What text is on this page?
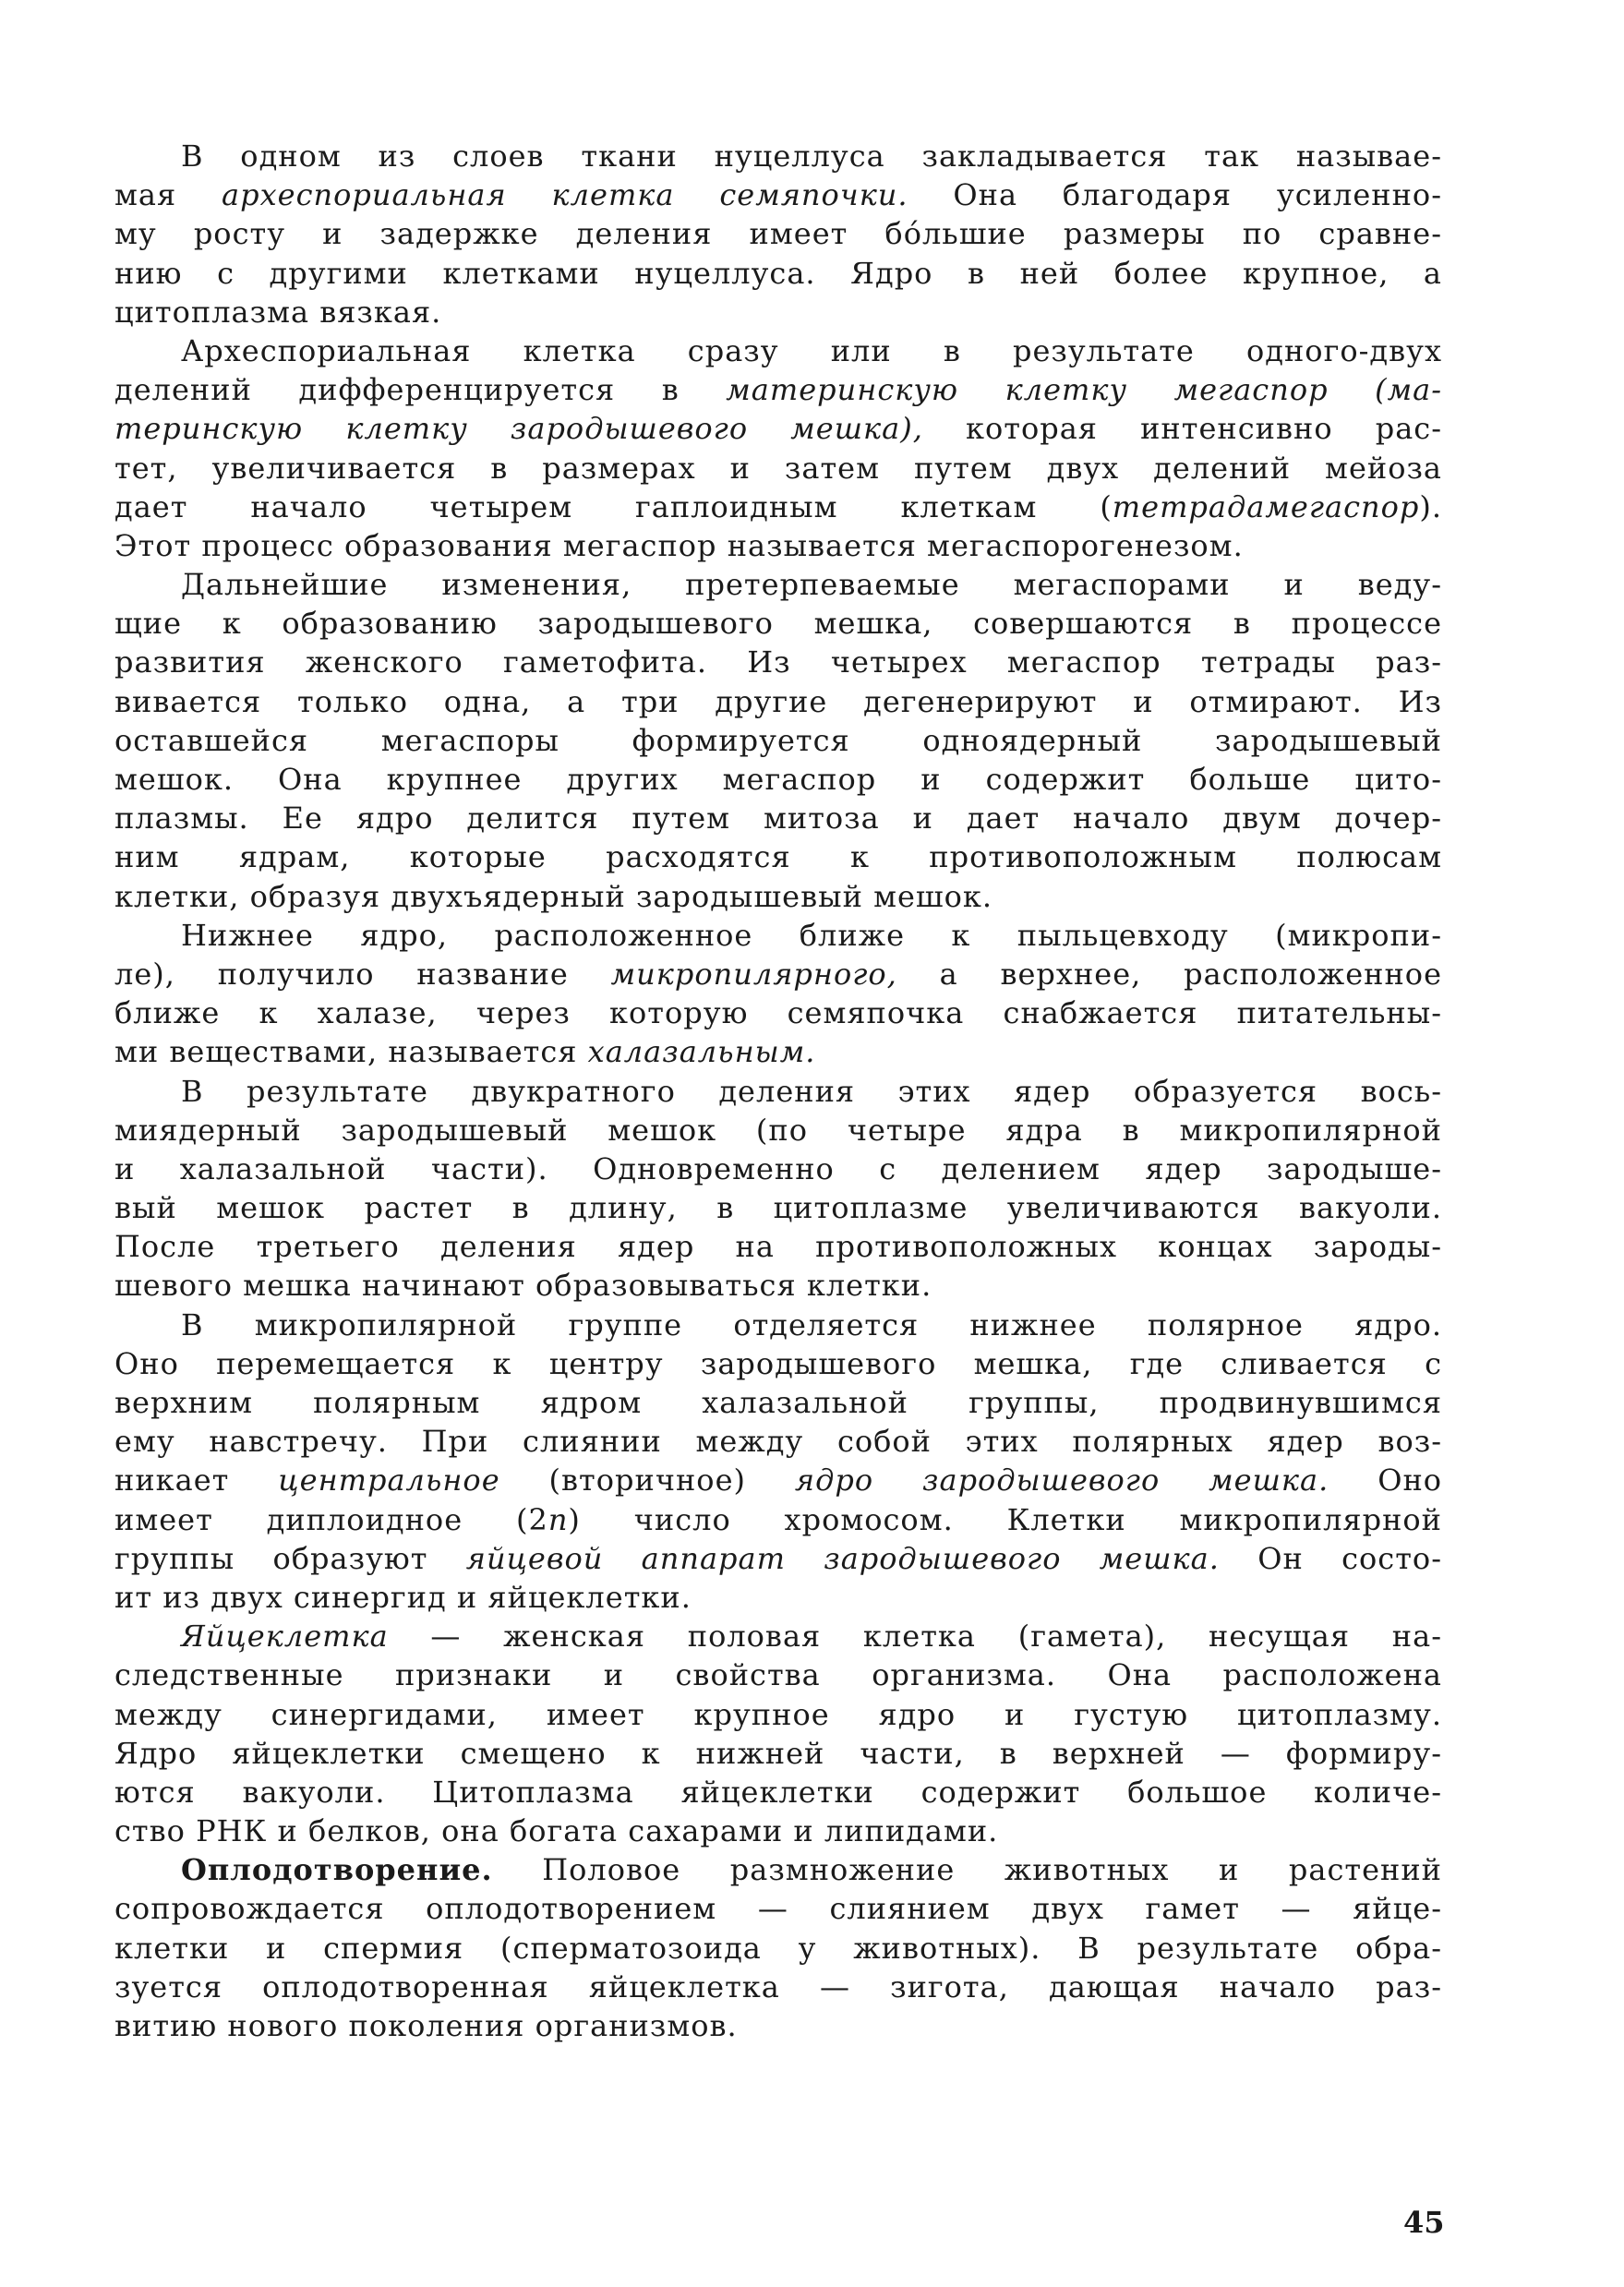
В одном из слоев ткани нуцеллуса закладывается так называе-
мая археспориальная клетка семяпочки. Она благодаря усиленно-
му росту и задержке деления имеет бóльшие размеры по сравне-
нию с другими клетками нуцеллуса. Ядро в ней более крупное, а
цитоплазма вязкая.
Археспориальная клетка сразу или в результате одного-двух
делений дифференцируется в материнскую клетку мегаспор (ма-
теринскую клетку зародышевого мешка), которая интенсивно рас-
тет, увеличивается в размерах и затем путем двух делений мейоза
дает начало четырем гаплоидным клеткам (тетрадамегаспор).
Этот процесс образования мегаспор называется мегаспорогенезом.
Дальнейшие изменения, претерпеваемые мегаспорами и веду-
щие к образованию зародышевого мешка, совершаются в процессе
развития женского гаметофита. Из четырех мегаспор тетрады раз-
вивается только одна, а три другие дегенерируют и отмирают. Из
оставшейся мегаспоры формируется одноядерный зародышевый
мешок. Она крупнее других мегаспор и содержит больше цито-
плазмы. Ее ядро делится путем митоза и дает начало двум дочер-
ним ядрам, которые расходятся к противоположным полюсам
клетки, образуя двухъядерный зародышевый мешок.
Нижнее ядро, расположенное ближе к пыльцевходу (микропи-
ле), получило название микропилярного, а верхнее, расположенное
ближе к халазе, через которую семяпочка снабжается питательны-
ми веществами, называется халазальным.
В результате двукратного деления этих ядер образуется вось-
миядерный зародышевый мешок (по четыре ядра в микропилярной
и халазальной части). Одновременно с делением ядер зародыше-
вый мешок растет в длину, в цитоплазме увеличиваются вакуоли.
После третьего деления ядер на противоположных концах зароды-
шевого мешка начинают образовываться клетки.
В микропилярной группе отделяется нижнее полярное ядро.
Оно перемещается к центру зародышевого мешка, где сливается с
верхним полярным ядром халазальной группы, продвинувшимся
ему навстречу. При слиянии между собой этих полярных ядер воз-
никает центральное (вторичное) ядро зародышевого мешка. Оно
имеет диплоидное (2n) число хромосом. Клетки микропилярной
группы образуют яйцевой аппарат зародышевого мешка. Он состо-
ит из двух синергид и яйцеклетки.
Яйцеклетка — женская половая клетка (гамета), несущая на-
следственные признаки и свойства организма. Она расположена
между синергидами, имеет крупное ядро и густую цитоплазму.
Ядро яйцеклетки смещено к нижней части, в верхней — формиру-
ются вакуоли. Цитоплазма яйцеклетки содержит большое количе-
ство РНК и белков, она богата сахарами и липидами.
Оплодотворение. Половое размножение животных и растений
сопровождается оплодотворением — слиянием двух гамет — яйце-
клетки и спермия (сперматозоида у животных). В результате обра-
зуется оплодотворенная яйцеклетка — зигота, дающая начало раз-
витию нового поколения организмов.
45
